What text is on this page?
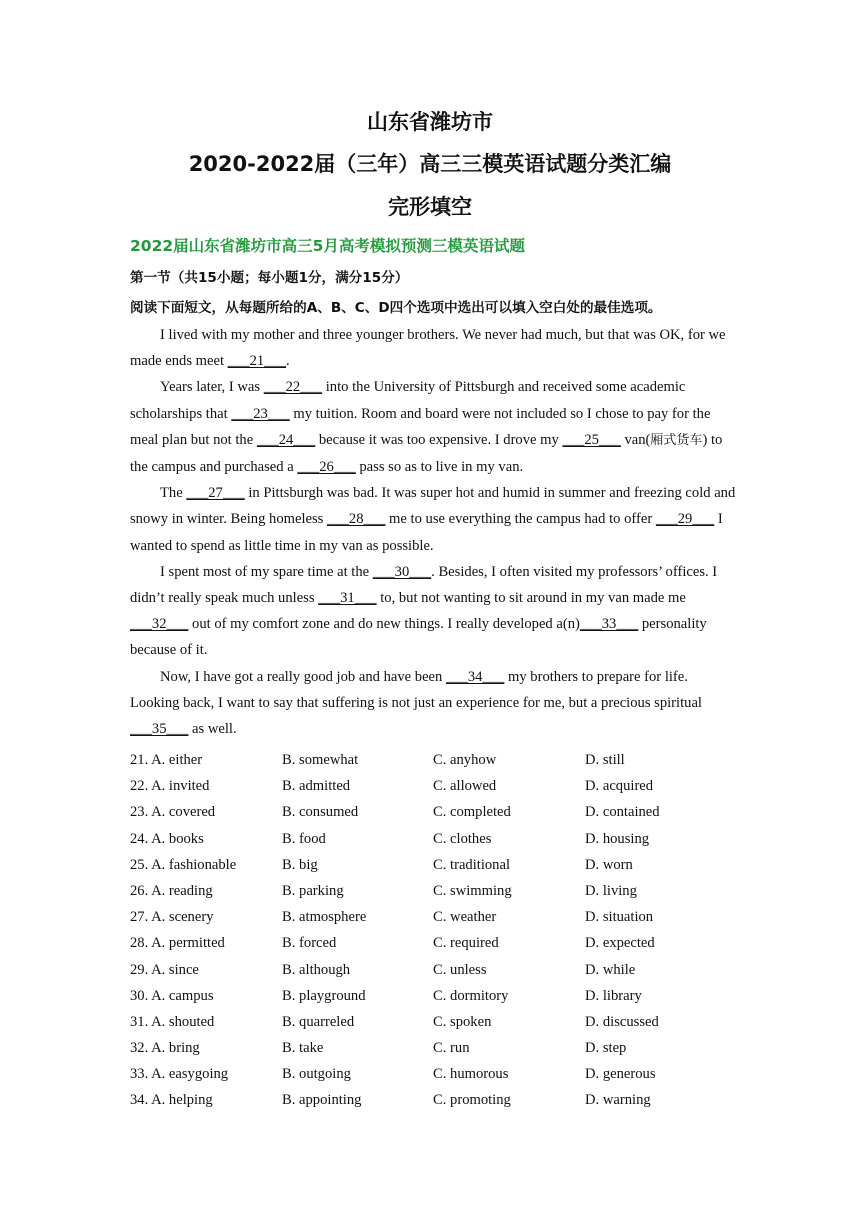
山东省潍坊市
2020-2022届（三年）高三三模英语试题分类汇编
完形填空
2022届山东省潍坊市高三5月高考模拟预测三模英语试题
第一节（共15小题；每小题1分，满分15分）
阅读下面短文，从每题所给的A、B、C、D四个选项中选出可以填入空白处的最佳选项。

I lived with my mother and three younger brothers. We never had much, but that was OK, for we made ends meet ___21___.

Years later, I was ___22___ into the University of Pittsburgh and received some academic scholarships that ___23___ my tuition. Room and board were not included so I chose to pay for the meal plan but not the ___24___ because it was too expensive. I drove my ___25___ van(厢式货车) to the campus and purchased a ___26___ pass so as to live in my van.

The ___27___ in Pittsburgh was bad. It was super hot and humid in summer and freezing cold and snowy in winter. Being homeless ___28___ me to use everything the campus had to offer ___29___ I wanted to spend as little time in my van as possible.

I spent most of my spare time at the ___30___. Besides, I often visited my professors’ offices. I didn’t really speak much unless ___31___ to, but not wanting to sit around in my van made me ___32___ out of my comfort zone and do new things. I really developed a(n)___33___ personality because of it.

Now, I have got a really good job and have been ___34___ my brothers to prepare for life. Looking back, I want to say that suffering is not just an experience for me, but a precious spiritual ___35___ as well.

21. A. either	B. somewhat	C. anyhow	D. still
22. A. invited	B. admitted	C. allowed	D. acquired
23. A. covered	B. consumed	C. completed	D. contained
24. A. books	B. food	C. clothes	D. housing
25. A. fashionable	B. big	C. traditional	D. worn
26. A. reading	B. parking	C. swimming	D. living
27. A. scenery	B. atmosphere	C. weather	D. situation
28. A. permitted	B. forced	C. required	D. expected
29. A. since	B. although	C. unless	D. while
30. A. campus	B. playground	C. dormitory	D. library
31. A. shouted	B. quarreled	C. spoken	D. discussed
32. A. bring	B. take	C. run	D. step
33. A. easygoing	B. outgoing	C. humorous	D. generous
34. A. helping	B. appointing	C. promoting	D. warning
